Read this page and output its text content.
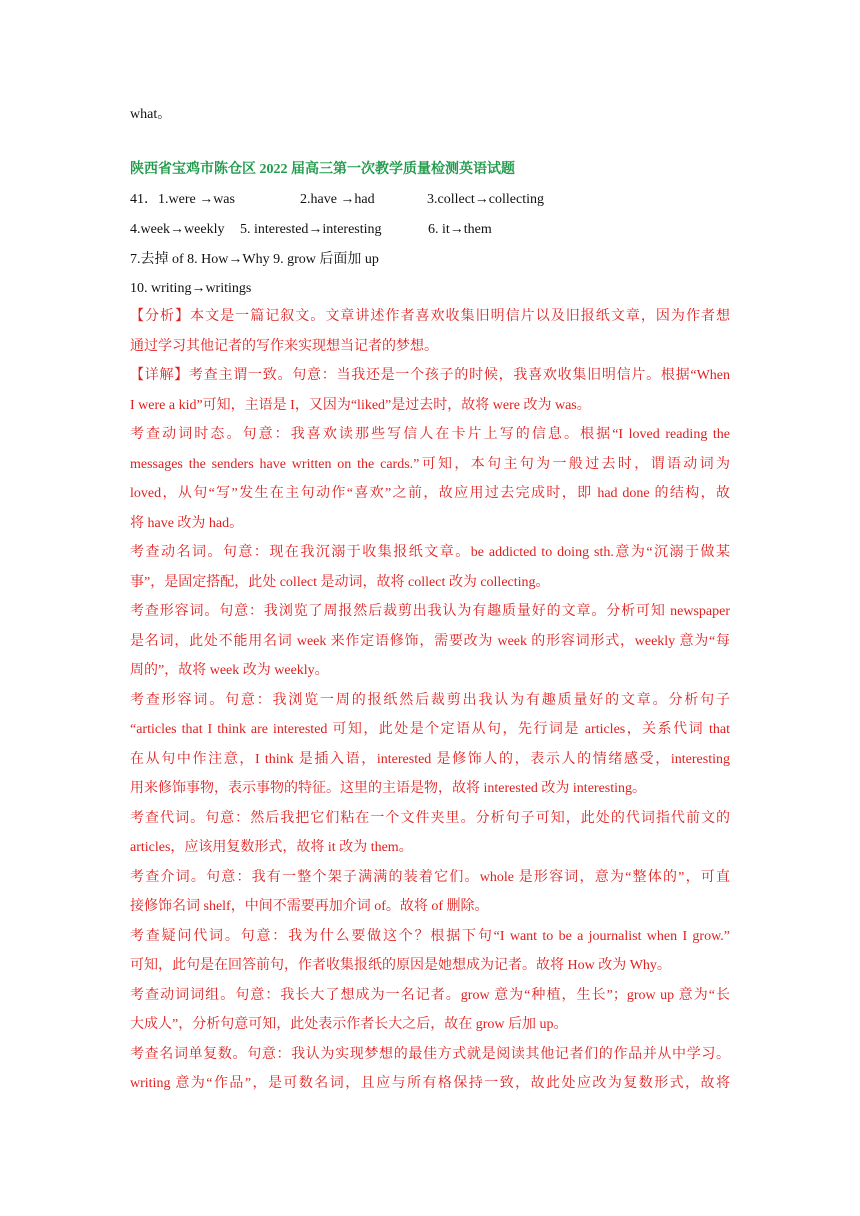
what。
陕西省宝鸡市陈仓区 2022 届高三第一次教学质量检测英语试题
41．1.were →was	2.have →had	3.collect→collecting
4.week→weekly 5. interested→interesting	6. it→them
7.去掉 of 8. How→Why 9. grow 后面加 up
10. writing→writings
【分析】本文是一篇记叙文。文章讲述作者喜欢收集旧明信片以及旧报纸文章，因为作者想
通过学习其他记者的写作来实现想当记者的梦想。
【详解】考查主谓一致。句意：当我还是一个孩子的时候，我喜欢收集旧明信片。根据“When
I were a kid”可知，主语是 I，又因为“liked”是过去时，故将 were 改为 was。
考查动词时态。句意：我喜欢读那些写信人在卡片上写的信息。根据“I loved reading the
messages the senders have written on the cards.”可知，本句主句为一般过去时，谓语动词为
loved，从句“写”发生在主句动作“喜欢”之前，故应用过去完成时，即 had done 的结构，故
将 have 改为 had。
考查动名词。句意：现在我沉溺于收集报纸文章。be addicted to doing sth.意为“沉溺于做某
事”，是固定搭配，此处 collect 是动词，故将 collect 改为 collecting。
考查形容词。句意：我浏览了周报然后裁剪出我认为有趣质量好的文章。分析可知 newspaper
是名词，此处不能用名词 week 来作定语修饰，需要改为 week 的形容词形式，weekly 意为“每
周的”，故将 week 改为 weekly。
考查形容词。句意：我浏览一周的报纸然后裁剪出我认为有趣质量好的文章。分析句子
“articles that I think are interested 可知，此处是个定语从句，先行词是 articles，关系代词 that
在从句中作注意，I think 是插入语，interested 是修饰人的，表示人的情绪感受，interesting
用来修饰事物，表示事物的特征。这里的主语是物，故将 interested 改为 interesting。
考查代词。句意：然后我把它们粘在一个文件夹里。分析句子可知，此处的代词指代前文的
articles，应该用复数形式，故将 it 改为 them。
考查介词。句意：我有一整个架子满满的装着它们。whole 是形容词，意为“整体的”，可直
接修饰名词 shelf，中间不需要再加介词 of。故将 of 删除。
考查疑问代词。句意：我为什么要做这个？根据下句“I want to be a journalist when I grow.”
可知，此句是在回答前句，作者收集报纸的原因是她想成为记者。故将 How 改为 Why。
考查动词词组。句意：我长大了想成为一名记者。grow 意为“种植，生长”；grow up 意为“长
大成人”，分析句意可知，此处表示作者长大之后，故在 grow 后加 up。
考查名词单复数。句意：我认为实现梦想的最佳方式就是阅读其他记者们的作品并从中学习。
writing 意为“作品”，是可数名词，且应与所有格保持一致，故此处应改为复数形式，故将
